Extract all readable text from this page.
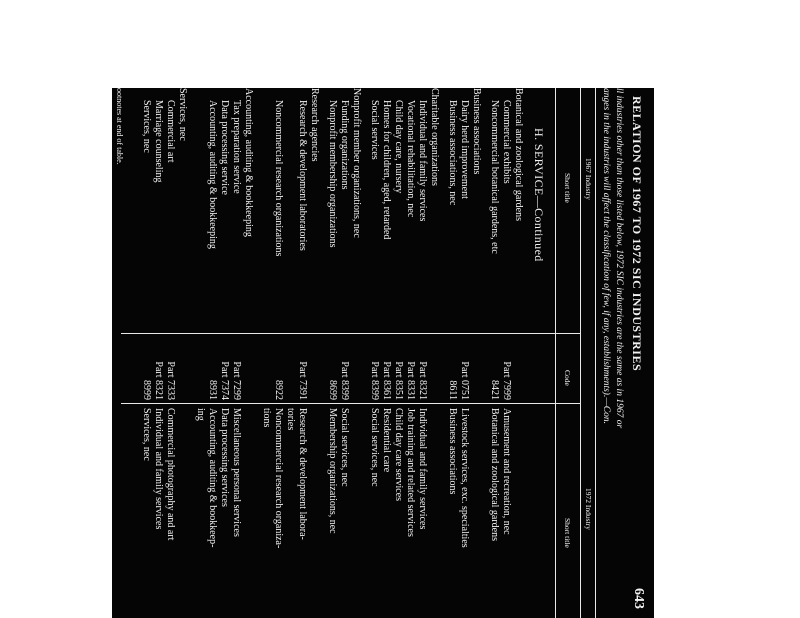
RELATION OF 1967 TO 1972 SIC INDUSTRIES
643
ll industries other than those listed below, 1972 SIC industries are the same as in 1967 or
anges in the industries will affect the classification of few, if any, establishments).—Con.
1967 Industry
1972 Industry
Short title
Code
Short title
H. SERVICE—Continued
Botanical and zoological gardens
Commercial exhibits
Part 7999
Amusement and recreation, nec
Noncommercial botanical gardens, etc
8421
Botanical and zoological gardens
Business associations
Dairy herd improvement
Part 0751
Livestock services, exc. specialties
Business associations, nec
8611
Business associations
Charitable organizations
Individual and family services
Part 8321
Individual and family services
Vocational rehabilitation, nec
Part 8331
Job training and related services
Child day care, nursery
Part 8351
Child day care services
Homes for children, aged, retarded
Part 8361
Residential care
Social services
Part 8399
Social services, nec
Nonprofit member organizations, nec
Funding organizations
Part 8399
Social services, nec
Nonprofit membership organizations
8699
Membership organizations, nec
Research agencies
Research & development laboratories
Part 7391
Research & development labora-
tories
Noncommercial research organizations
8922
Noncommercial research organiza-
tions
Accounting, auditing & bookkeeping
Tax preparation service
Part 7299
Miscellaneous personal services
Data processing service
Part 7374
Data processing services
Accounting, auditing & bookkeeping
8931
Accounting, auditing & bookkeep-
ing
Services, nec
Commercial art
Part 7333
Commercial photography and art
Marriage counseling
Part 8321
Individual and family services
Services, nec
8999
Services, nec
ootnotes at end of table.
